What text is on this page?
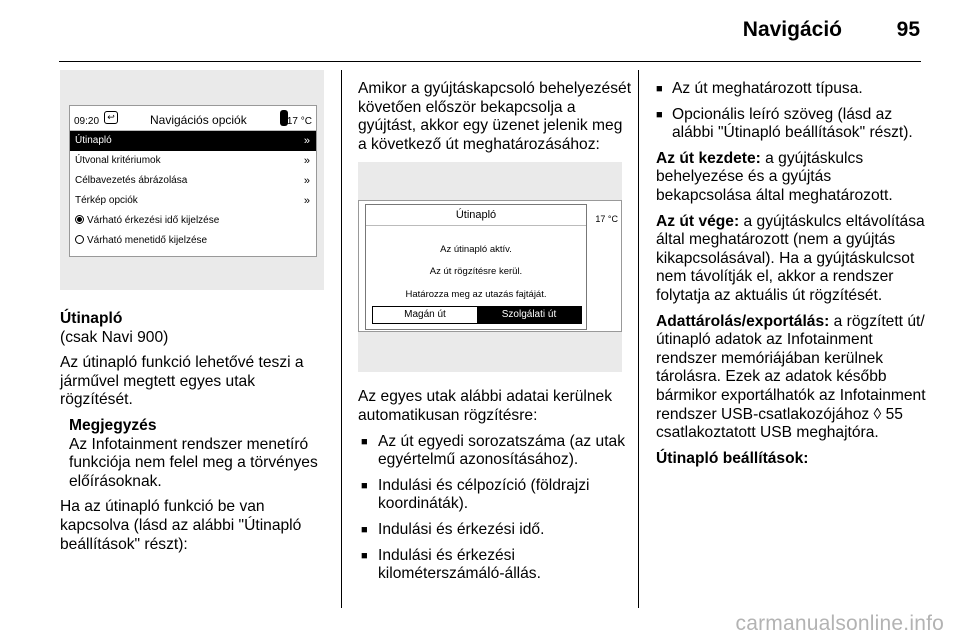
Navigáció	95
09:20 ↩	Navigációs opciók	17 °C
Útinapló	»
Útvonal kritériumok	»
Célbavezetés ábrázolása	»
Térkép opciók	»
Várható érkezési idő kijelzése
Várható menetidő kijelzése
Útinapló

(csak Navi 900)

Az útinapló funkció lehetővé teszi a járművel megtett egyes utak rögzítését.

Megjegyzés
Az Infotainment rendszer menetíró funkciója nem felel meg a törvényes előírásoknak.

Ha az útinapló funkció be van kapcsolva (lásd az alábbi "Útinapló beállítások" részt):

Amikor a gyújtáskapcsoló behelyezését követően először bekapcsolja a gyújtást, akkor egy üzenet jelenik meg a következő út meghatározásához:

Útinapló
Az útinapló aktív.
Az út rögzítésre kerül.
Határozza meg az utazás fajtáját.
Magán út	Szolgálati út
17 °C

Az egyes utak alábbi adatai kerülnek automatikusan rögzítésre:

■ Az út egyedi sorozatszáma (az utak egyértelmű azonosításához).
■ Indulási és célpozíció (földrajzi koordináták).
■ Indulási és érkezési idő.
■ Indulási és érkezési kilométerszámáló-állás.
■ Az út meghatározott típusa.
■ Opcionális leíró szöveg (lásd az alábbi "Útinapló beállítások" részt).

Az út kezdete: a gyújtáskulcs behelyezése és a gyújtás bekapcsolása által meghatározott.

Az út vége: a gyújtáskulcs eltávolítása által meghatározott (nem a gyújtás kikapcsolásával). Ha a gyújtáskulcsot nem távolítják el, akkor a rendszer folytatja az aktuális út rögzítését.

Adattárolás/exportálás: a rögzített út/útinapló adatok az Infotainment rendszer memóriájában kerülnek tárolásra. Ezek az adatok később bármikor exportálhatók az Infotainment rendszer USB-csatlakozójához ◊ 55 csatlakoztatott USB meghajtóra.

Útinapló beállítások:

carmanualsonline.info
